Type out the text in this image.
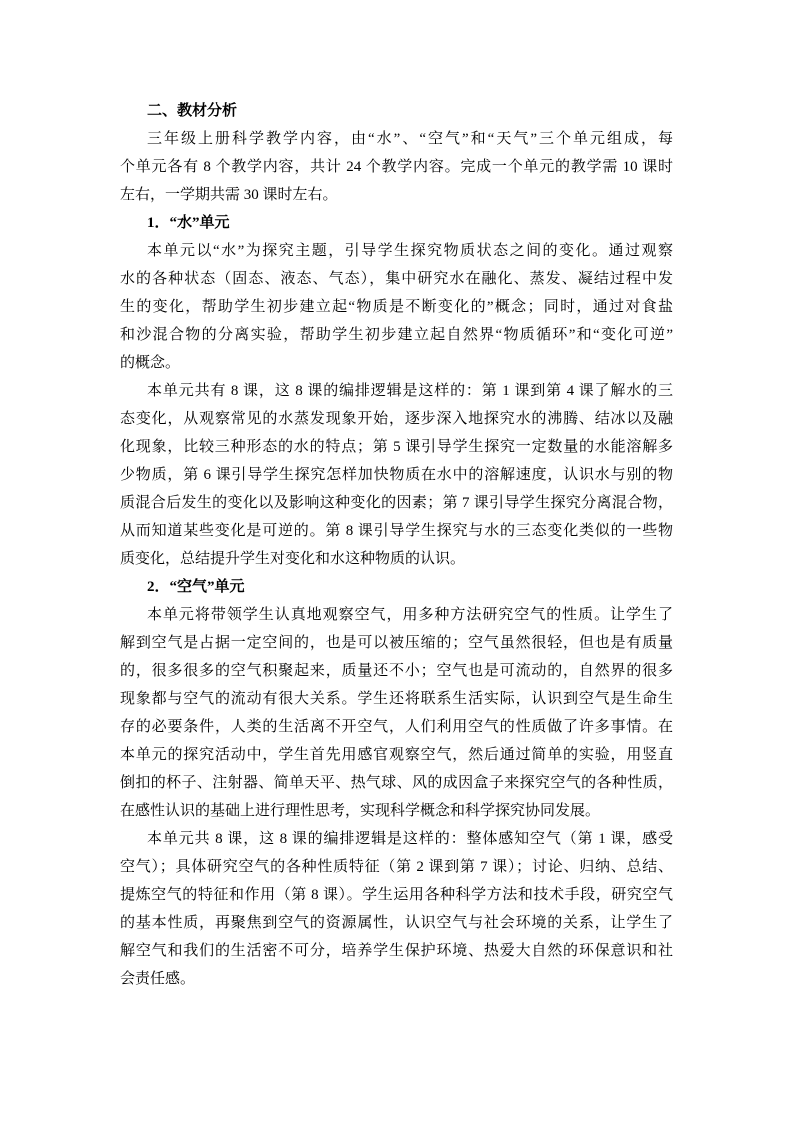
二、教材分析
三年级上册科学教学内容，由“水”、“空气”和“天气”三个单元组成，每
个单元各有 8 个教学内容，共计 24 个教学内容。完成一个单元的教学需 10 课时
左右，一学期共需 30 课时左右。
1．“水”单元
本单元以“水”为探究主题，引导学生探究物质状态之间的变化。通过观察
水的各种状态（固态、液态、气态），集中研究水在融化、蒸发、凝结过程中发
生的变化，帮助学生初步建立起“物质是不断变化的”概念；同时，通过对食盐
和沙混合物的分离实验，帮助学生初步建立起自然界“物质循环”和“变化可逆”
的概念。
本单元共有 8 课，这 8 课的编排逻辑是这样的：第 1 课到第 4 课了解水的三
态变化，从观察常见的水蒸发现象开始，逐步深入地探究水的沸腾、结冰以及融
化现象，比较三种形态的水的特点；第 5 课引导学生探究一定数量的水能溶解多
少物质，第 6 课引导学生探究怎样加快物质在水中的溶解速度，认识水与别的物
质混合后发生的变化以及影响这种变化的因素；第 7 课引导学生探究分离混合物，
从而知道某些变化是可逆的。第 8 课引导学生探究与水的三态变化类似的一些物
质变化，总结提升学生对变化和水这种物质的认识。
2．“空气”单元
本单元将带领学生认真地观察空气，用多种方法研究空气的性质。让学生了
解到空气是占据一定空间的，也是可以被压缩的；空气虽然很轻，但也是有质量
的，很多很多的空气积聚起来，质量还不小；空气也是可流动的，自然界的很多
现象都与空气的流动有很大关系。学生还将联系生活实际，认识到空气是生命生
存的必要条件，人类的生活离不开空气，人们利用空气的性质做了许多事情。在
本单元的探究活动中，学生首先用感官观察空气，然后通过简单的实验，用竖直
倒扣的杯子、注射器、简单天平、热气球、风的成因盒子来探究空气的各种性质，
在感性认识的基础上进行理性思考，实现科学概念和科学探究协同发展。
本单元共 8 课，这 8 课的编排逻辑是这样的：整体感知空气（第 1 课，感受
空气）；具体研究空气的各种性质特征（第 2 课到第 7 课）；讨论、归纳、总结、
提炼空气的特征和作用（第 8 课）。学生运用各种科学方法和技术手段，研究空气
的基本性质，再聚焦到空气的资源属性，认识空气与社会环境的关系，让学生了
解空气和我们的生活密不可分，培养学生保护环境、热爱大自然的环保意识和社
会责任感。
